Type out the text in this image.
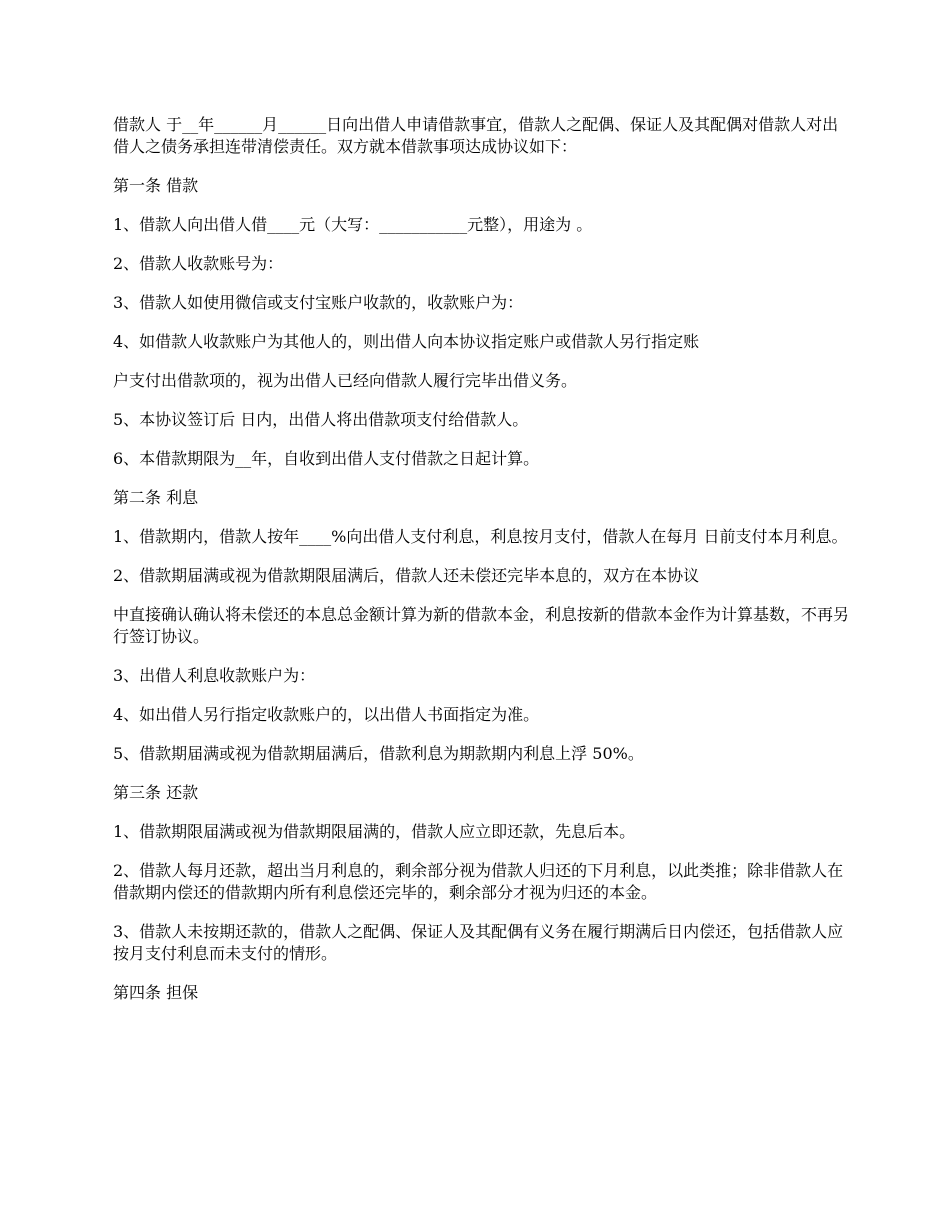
借款人 于__年______月______日向出借人申请借款事宜，借款人之配偶、保证人及其配偶对借款人对出借人之债务承担连带清偿责任。双方就本借款事项达成协议如下：

第一条 借款

1、借款人向出借人借____元（大写：___________元整），用途为 。

2、借款人收款账号为：

3、借款人如使用微信或支付宝账户收款的，收款账户为：

4、如借款人收款账户为其他人的，则出借人向本协议指定账户或借款人另行指定账

户支付出借款项的，视为出借人已经向借款人履行完毕出借义务。

5、本协议签订后 日内，出借人将出借款项支付给借款人。

6、本借款期限为__年，自收到出借人支付借款之日起计算。

第二条 利息

1、借款期内，借款人按年____%向出借人支付利息，利息按月支付，借款人在每月 日前支付本月利息。

2、借款期届满或视为借款期限届满后，借款人还未偿还完毕本息的，双方在本协议

中直接确认确认将未偿还的本息总金额计算为新的借款本金，利息按新的借款本金作为计算基数，不再另行签订协议。

3、出借人利息收款账户为：

4、如出借人另行指定收款账户的，以出借人书面指定为准。

5、借款期届满或视为借款期届满后，借款利息为期款期内利息上浮 50%。

第三条 还款

1、借款期限届满或视为借款期限届满的，借款人应立即还款，先息后本。

2、借款人每月还款，超出当月利息的，剩余部分视为借款人归还的下月利息，以此类推；除非借款人在借款期内偿还的借款期内所有利息偿还完毕的，剩余部分才视为归还的本金。

3、借款人未按期还款的，借款人之配偶、保证人及其配偶有义务在履行期满后日内偿还，包括借款人应按月支付利息而未支付的情形。

第四条 担保
